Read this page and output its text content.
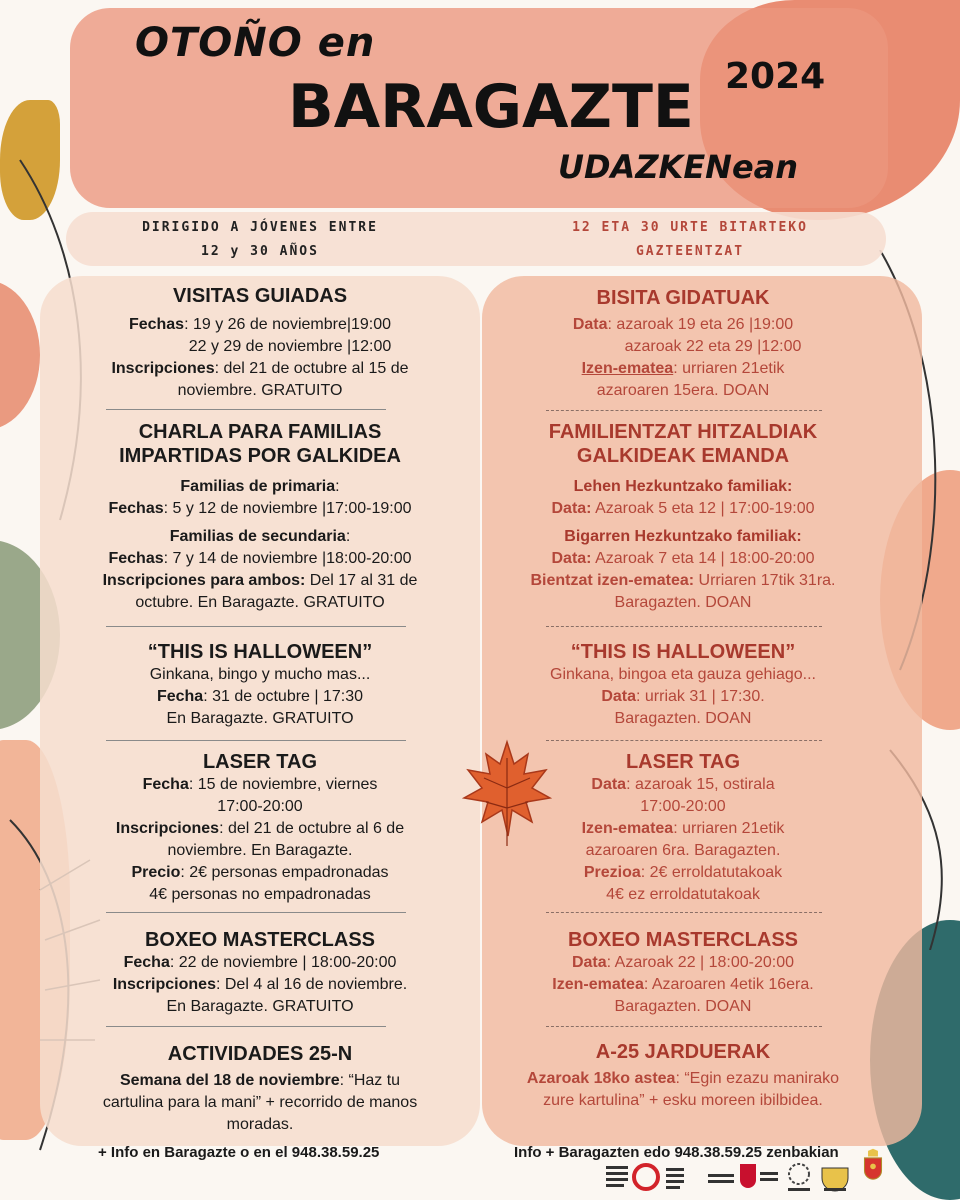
OTOÑO en
BARAGAZTE 2024
UDAZKENean
DIRIGIDO A JÓVENES ENTRE
12 y 30 AÑOS
12 ETA 30 URTE BITARTEKO
GAZTEENTZAT
VISITAS GUIADAS
Fechas: 19 y 26 de noviembre|19:00
22 y 29 de noviembre |12:00
Inscripciones: del 21 de octubre al 15 de
noviembre. GRATUITO
CHARLA PARA FAMILIAS
IMPARTIDAS POR GALKIDEA
Familias de primaria:
Fechas: 5 y 12 de noviembre |17:00-19:00
Familias de secundaria:
Fechas: 7 y 14 de noviembre |18:00-20:00
Inscripciones para ambos: Del 17 al 31 de
octubre. En Baragazte. GRATUITO
“THIS IS HALLOWEEN”
Ginkana, bingo y mucho mas...
Fecha: 31 de octubre | 17:30
En Baragazte. GRATUITO
LASER TAG
Fecha: 15 de noviembre, viernes
17:00-20:00
Inscripciones: del 21 de octubre al 6 de
noviembre. En Baragazte.
Precio: 2€ personas empadronadas
4€ personas no empadronadas
BOXEO MASTERCLASS
Fecha: 22 de noviembre | 18:00-20:00
Inscripciones: Del 4 al 16 de noviembre.
En Baragazte. GRATUITO
ACTIVIDADES 25-N
Semana del 18 de noviembre: “Haz tu
cartulina para la mani” + recorrido de manos
moradas.
+ Info en Baragazte o en el 948.38.59.25
BISITA GIDATUAK
Data: azaroak 19 eta 26 |19:00
azaroak 22 eta 29 |12:00
Izen-ematea: urriaren 21etik
azaroaren 15era. DOAN
FAMILIENTZAT HITZALDIAK
GALKIDEAK EMANDA
Lehen Hezkuntzako familiak:
Data: Azaroak 5 eta 12 | 17:00-19:00
Bigarren Hezkuntzako familiak:
Data: Azaroak 7 eta 14 | 18:00-20:00
Bientzat izen-ematea: Urriaren 17tik 31ra.
Baragazten. DOAN
“THIS IS HALLOWEEN”
Ginkana, bingoa eta gauza gehiago...
Data: urriak 31 | 17:30.
Baragazten. DOAN
LASER TAG
Data: azaroak 15, ostirala
17:00-20:00
Izen-ematea: urriaren 21etik
azaroaren 6ra. Baragazten.
Prezioa: 2€ erroldatutakoak
4€ ez erroldatutakoak
BOXEO MASTERCLASS
Data: Azaroak 22 | 18:00-20:00
Izen-ematea: Azaroaren 4etik 16era.
Baragazten. DOAN
A-25 JARDUERAK
Azaroak 18ko astea: “Egin ezazu manirako
zure kartulina” + esku moreen ibilbidea.
Info + Baragazten edo 948.38.59.25 zenbakian
